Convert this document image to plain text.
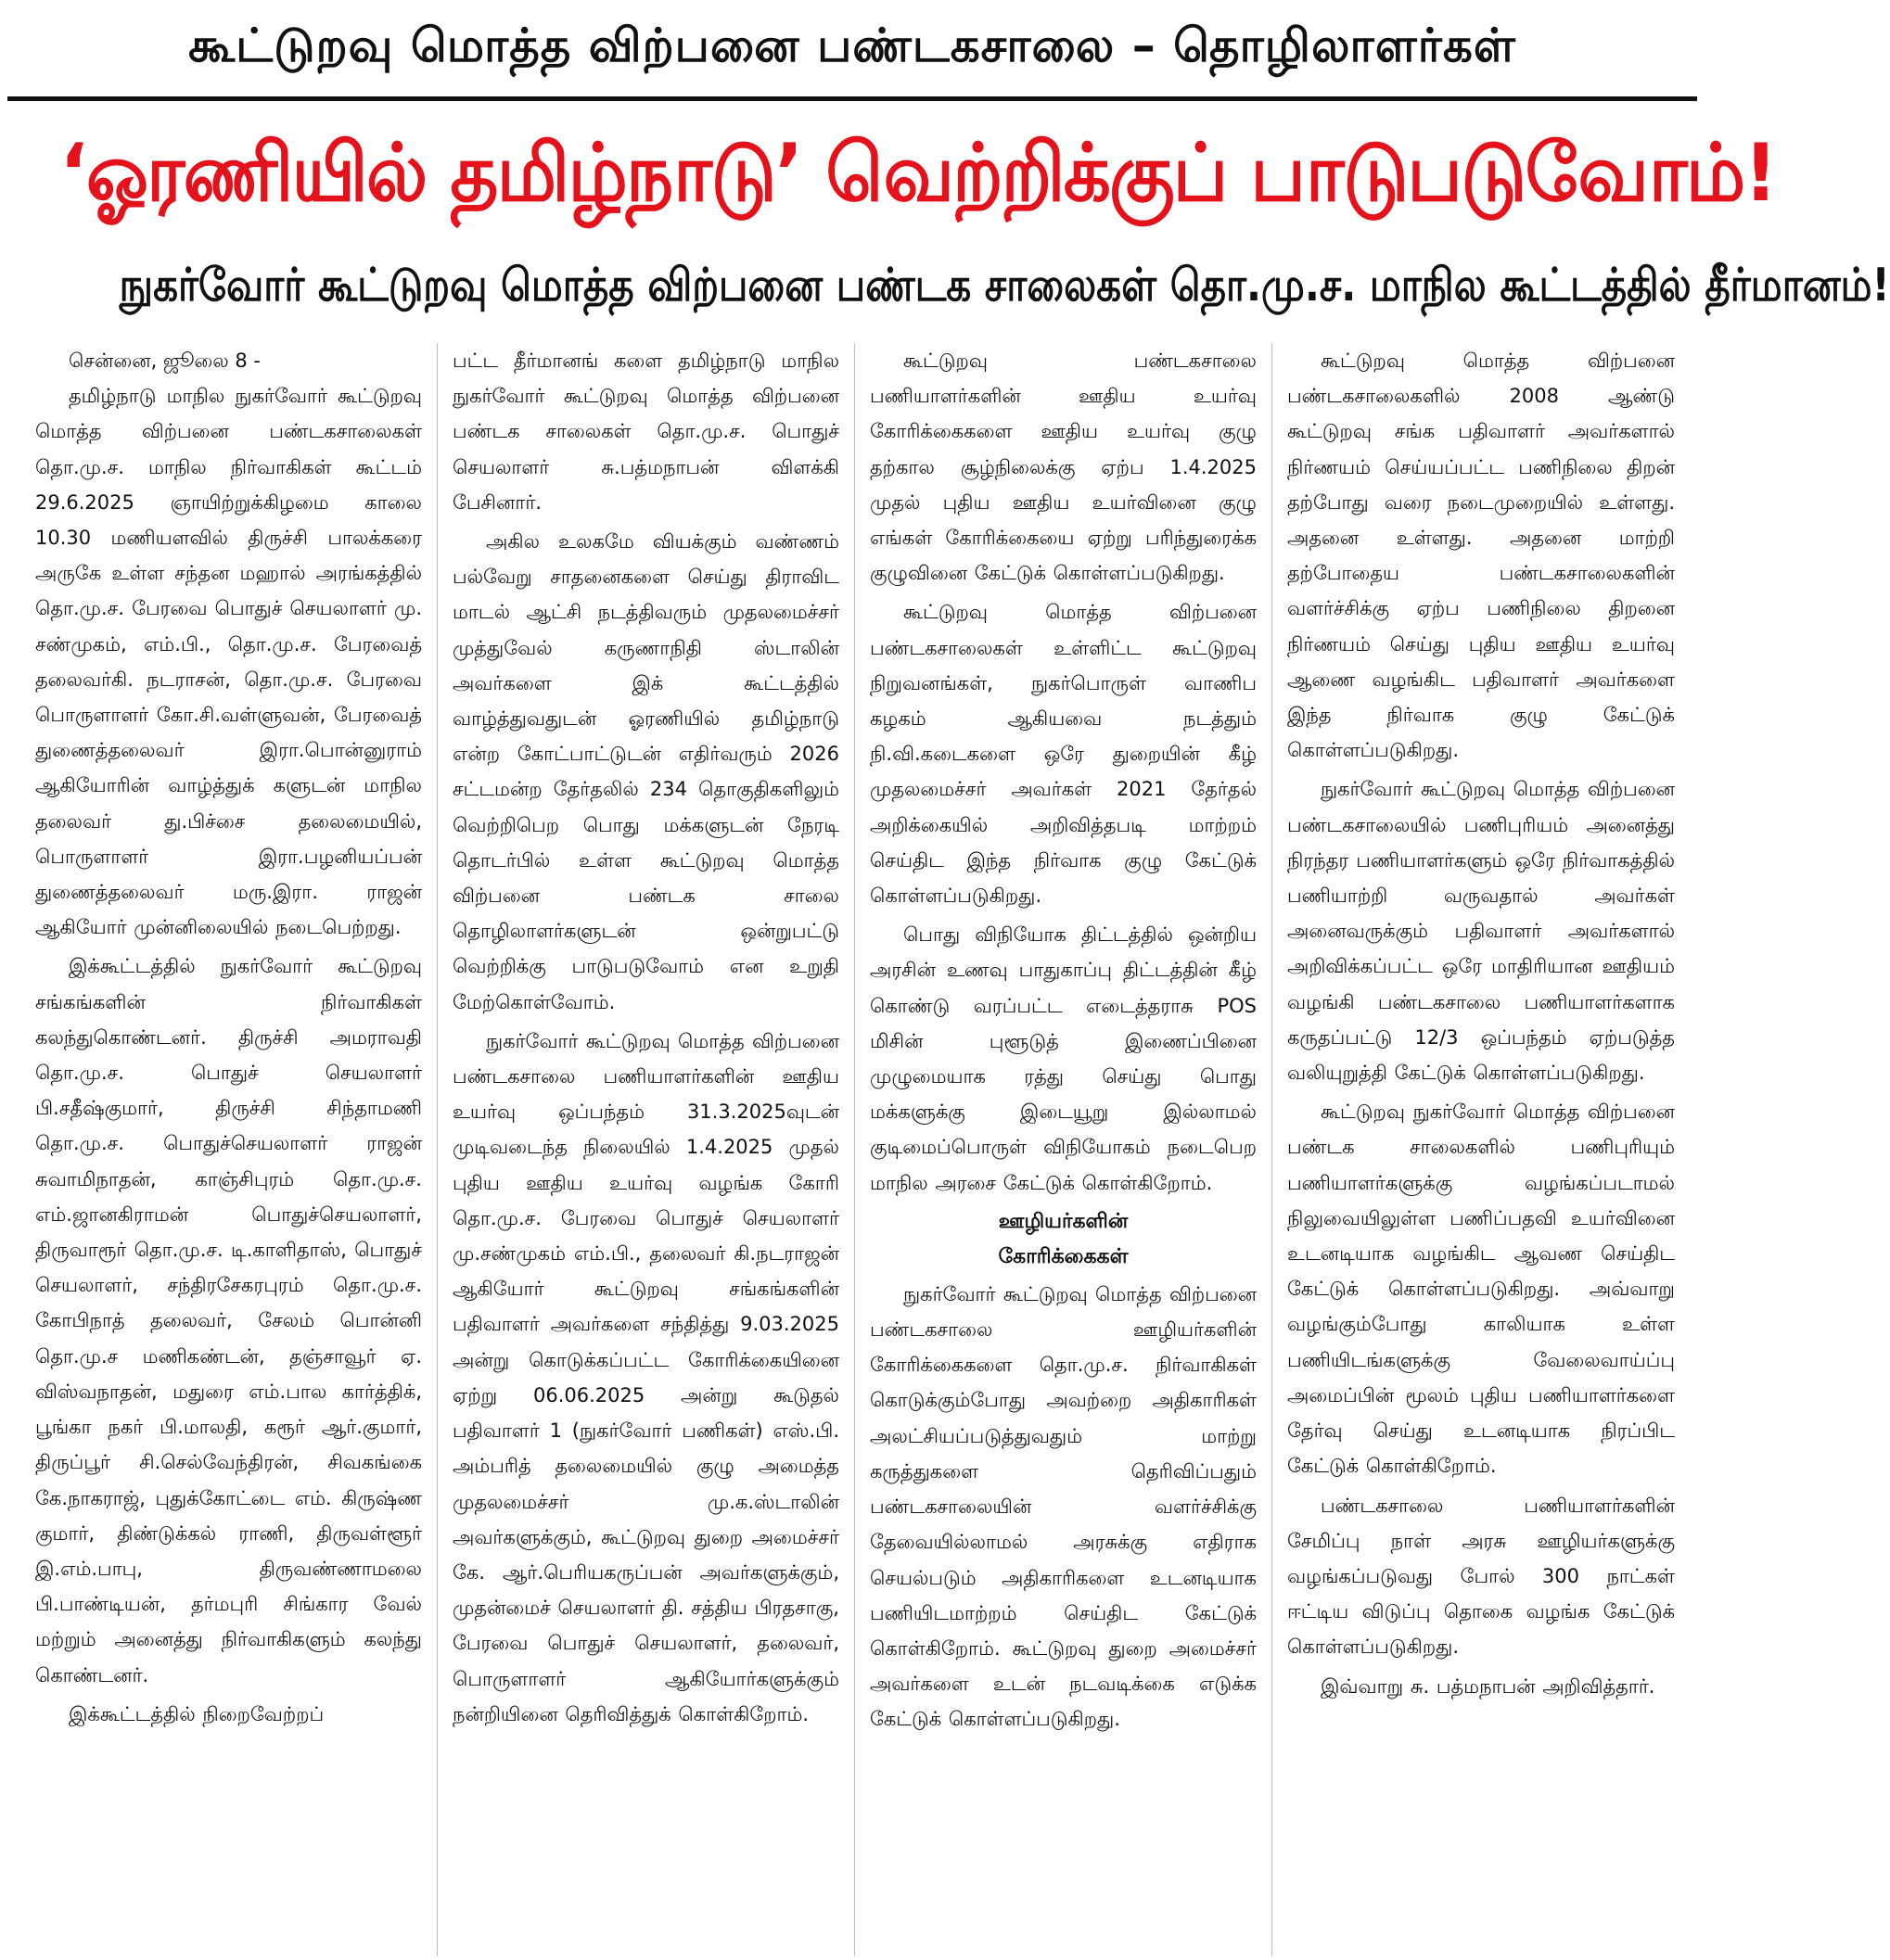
கூட்டுறவு மொத்த விற்பனை பண்டகசாலை – தொழிலாளர்கள்
‘ஓரணியில் தமிழ்நாடு’ வெற்றிக்குப் பாடுபடுவோம்!
நுகர்வோர் கூட்டுறவு மொத்த விற்பனை பண்டக சாலைகள் தொ.மு.ச. மாநில கூட்டத்தில் தீர்மானம்!
சென்னை, ஜூலை 8 -

தமிழ்நாடு மாநில நுகர்வோர் கூட்டுறவு மொத்த விற்பனை பண்டகசாலைகள் தொ.மு.ச. மாநில நிர்வாகிகள் கூட்டம் 29.6.2025 ஞாயிற்றுக்கிழமை காலை 10.30 மணியளவில் திருச்சி பாலக்கரை அருகே உள்ள சந்தன மஹால் அரங்கத்தில் தொ.மு.ச. பேரவை பொதுச் செயலாளர் மு. சண்முகம், எம்.பி., தொ.மு.ச. பேரவைத் தலைவர்கி. நடராசன், தொ.மு.ச. பேரவை பொருளாளர் கோ.சி.வள்ளுவன், பேரவைத் துணைத்தலைவர் இரா.பொன்னுராம் ஆகியோரின் வாழ்த்துக் களுடன் மாநில தலைவர் து.பிச்சை தலைமையில், பொருளாளர் இரா.பழனியப்பன் துணைத்தலைவர் மரு.இரா. ராஜன் ஆகியோர் முன்னிலையில் நடைபெற்றது.

இக்கூட்டத்தில் நுகர்வோர் கூட்டுறவு சங்கங்களின் நிர்வாகிகள் கலந்துகொண்டனர். திருச்சி அமராவதி தொ.மு.ச. பொதுச் செயலாளர் பி.சதீஷ்குமார், திருச்சி சிந்தாமணி தொ.மு.ச. பொதுச்செயலாளர் ராஜன் சுவாமிநாதன், காஞ்சிபுரம் தொ.மு.ச. எம்.ஜானகிராமன் பொதுச்செயலாளர், திருவாரூர் தொ.மு.ச. டி.காளிதாஸ், பொதுச் செயலாளர், சந்திரசேகரபுரம் தொ.மு.ச. கோபிநாத் தலைவர், சேலம் பொன்னி தொ.மு.ச மணிகண்டன், தஞ்சாவூர் ஏ. விஸ்வநாதன், மதுரை எம்.பால கார்த்திக், பூங்கா நகர் பி.மாலதி, கரூர் ஆர்.குமார், திருப்பூர் சி.செல்வேந்திரன், சிவகங்கை கே.நாகராஜ், புதுக்கோட்டை எம். கிருஷ்ண குமார், திண்டுக்கல் ராணி, திருவள்ளூர் இ.எம்.பாபு, திருவண்ணாமலை பி.பாண்டியன், தர்மபுரி சிங்கார வேல் மற்றும் அனைத்து நிர்வாகிகளும் கலந்து கொண்டனர்.

இக்கூட்டத்தில் நிறைவேற்றப்

பட்ட தீர்மானங் களை தமிழ்நாடு மாநில நுகர்வோர் கூட்டுறவு மொத்த விற்பனை பண்டக சாலைகள் தொ.மு.ச. பொதுச் செயலாளர் சு.பத்மநாபன் விளக்கி பேசினார்.

அகில உலகமே வியக்கும் வண்ணம் பல்வேறு சாதனைகளை செய்து திராவிட மாடல் ஆட்சி நடத்திவரும் முதலமைச்சர் முத்துவேல் கருணாநிதி ஸ்டாலின் அவர்களை இக் கூட்டத்தில் வாழ்த்துவதுடன் ஓரணியில் தமிழ்நாடு என்ற கோட்பாட்டுடன் எதிர்வரும் 2026 சட்டமன்ற தேர்தலில் 234 தொகுதிகளிலும் வெற்றிபெற பொது மக்களுடன் நேரடி தொடர்பில் உள்ள கூட்டுறவு மொத்த விற்பனை பண்டக சாலை தொழிலாளர்களுடன் ஒன்றுபட்டு வெற்றிக்கு பாடுபடுவோம் என உறுதி மேற்கொள்வோம்.

நுகர்வோர் கூட்டுறவு மொத்த விற்பனை பண்டகசாலை பணியாளர்களின் ஊதிய உயர்வு ஒப்பந்தம் 31.3.2025வுடன் முடிவடைந்த நிலையில் 1.4.2025 முதல் புதிய ஊதிய உயர்வு வழங்க கோரி தொ.மு.ச. பேரவை பொதுச் செயலாளர் மு.சண்முகம் எம்.பி., தலைவர் கி.நடராஜன் ஆகியோர் கூட்டுறவு சங்கங்களின் பதிவாளர் அவர்களை சந்தித்து 9.03.2025 அன்று கொடுக்கப்பட்ட கோரிக்கையினை ஏற்று 06.06.2025 அன்று கூடுதல் பதிவாளர் 1 (நுகர்வோர் பணிகள்) எஸ்.பி. அம்பரித் தலைமையில் குழு அமைத்த முதலமைச்சர் மு.க.ஸ்டாலின் அவர்களுக்கும், கூட்டுறவு துறை அமைச்சர் கே. ஆர்.பெரியகருப்பன் அவர்களுக்கும், முதன்மைச் செயலாளர் தி. சத்திய பிரதசாகு, பேரவை பொதுச் செயலாளர், தலைவர், பொருளாளர் ஆகியோர்களுக்கும் நன்றியினை தெரிவித்துக் கொள்கிறோம்.

கூட்டுறவு பண்டகசாலை பணியாளர்களின் ஊதிய உயர்வு கோரிக்கைகளை ஊதிய உயர்வு குழு தற்கால சூழ்நிலைக்கு ஏற்ப 1.4.2025 முதல் புதிய ஊதிய உயர்வினை குழு எங்கள் கோரிக்கையை ஏற்று பரிந்துரைக்க குழுவினை கேட்டுக் கொள்ளப்படுகிறது.

கூட்டுறவு மொத்த விற்பனை பண்டகசாலைகள் உள்ளிட்ட கூட்டுறவு நிறுவனங்கள், நுகர்பொருள் வாணிப கழகம் ஆகியவை நடத்தும் நி.வி.கடைகளை ஒரே துறையின் கீழ் முதலமைச்சர் அவர்கள் 2021 தேர்தல் அறிக்கையில் அறிவித்தபடி மாற்றம் செய்திட இந்த நிர்வாக குழு கேட்டுக் கொள்ளப்படுகிறது.

பொது விநியோக திட்டத்தில் ஒன்றிய அரசின் உணவு பாதுகாப்பு திட்டத்தின் கீழ் கொண்டு வரப்பட்ட எடைத்தராசு POS மிசின் புளூடுத் இணைப்பினை முழுமையாக ரத்து செய்து பொது மக்களுக்கு இடையூறு இல்லாமல் குடிமைப்பொருள் விநியோகம் நடைபெற மாநில அரசை கேட்டுக் கொள்கிறோம்.

ஊழியர்களின்
கோரிக்கைகள்

நுகர்வோர் கூட்டுறவு மொத்த விற்பனை பண்டகசாலை ஊழியர்களின் கோரிக்கைகளை தொ.மு.ச. நிர்வாகிகள் கொடுக்கும்போது அவற்றை அதிகாரிகள் அலட்சியப்படுத்துவதும் மாற்று கருத்துகளை தெரிவிப்பதும் பண்டகசாலையின் வளர்ச்சிக்கு தேவையில்லாமல் அரசுக்கு எதிராக செயல்படும் அதிகாரிகளை உடனடியாக பணியிடமாற்றம் செய்திட கேட்டுக் கொள்கிறோம். கூட்டுறவு துறை அமைச்சர் அவர்களை உடன் நடவடிக்கை எடுக்க கேட்டுக் கொள்ளப்படுகிறது.

கூட்டுறவு மொத்த விற்பனை பண்டகசாலைகளில் 2008 ஆண்டு கூட்டுறவு சங்க பதிவாளர் அவர்களால் நிர்ணயம் செய்யப்பட்ட பணிநிலை திறன் தற்போது வரை நடைமுறையில் உள்ளது. அதனை உள்ளது. அதனை மாற்றி தற்போதைய பண்டகசாலைகளின் வளர்ச்சிக்கு ஏற்ப பணிநிலை திறனை நிர்ணயம் செய்து புதிய ஊதிய உயர்வு ஆணை வழங்கிட பதிவாளர் அவர்களை இந்த நிர்வாக குழு கேட்டுக் கொள்ளப்படுகிறது.

நுகர்வோர் கூட்டுறவு மொத்த விற்பனை பண்டகசாலையில் பணிபுரியம் அனைத்து நிரந்தர பணியாளர்களும் ஒரே நிர்வாகத்தில் பணியாற்றி வருவதால் அவர்கள் அனைவருக்கும் பதிவாளர் அவர்களால் அறிவிக்கப்பட்ட ஒரே மாதிரியான ஊதியம் வழங்கி பண்டகசாலை பணியாளர்களாக கருதப்பட்டு 12/3 ஒப்பந்தம் ஏற்படுத்த வலியுறுத்தி கேட்டுக் கொள்ளப்படுகிறது.

கூட்டுறவு நுகர்வோர் மொத்த விற்பனை பண்டக சாலைகளில் பணிபுரியும் பணியாளர்களுக்கு வழங்கப்படாமல் நிலுவையிலுள்ள பணிப்பதவி உயர்வினை உடனடியாக வழங்கிட ஆவண செய்திட கேட்டுக் கொள்ளப்படுகிறது. அவ்வாறு வழங்கும்போது காலியாக உள்ள பணியிடங்களுக்கு வேலைவாய்ப்பு அமைப்பின் மூலம் புதிய பணியாளர்களை தேர்வு செய்து உடனடியாக நிரப்பிட கேட்டுக் கொள்கிறோம்.

பண்டகசாலை பணியாளர்களின் சேமிப்பு நாள் அரசு ஊழியர்களுக்கு வழங்கப்படுவது போல் 300 நாட்கள் ஈட்டிய விடுப்பு தொகை வழங்க கேட்டுக் கொள்ளப்படுகிறது.

இவ்வாறு சு. பத்மநாபன் அறிவித்தார்.
